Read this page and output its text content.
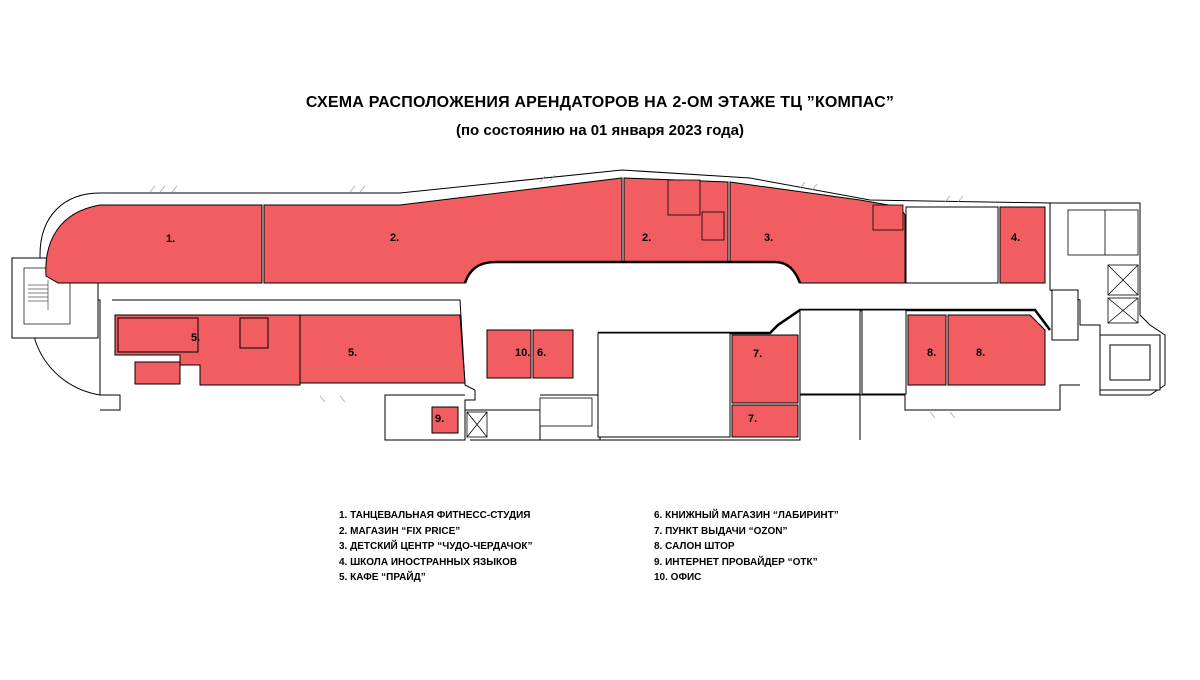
СХЕМА РАСПОЛОЖЕНИЯ АРЕНДАТОРОВ НА 2-ОМ ЭТАЖЕ ТЦ ”КОМПАС”
(по состоянию на 01 января 2023 года)
1.	2.	2.	3.	4.
5.
5.	10. 6.	7.
7.
8.	8.
9.
1. ТАНЦЕВАЛЬНАЯ ФИТНЕСС-СТУДИЯ
2. МАГАЗИН “FIX PRICE”
3. ДЕТСКИЙ ЦЕНТР “ЧУДО-ЧЕРДАЧОК”
4. ШКОЛА ИНОСТРАННЫХ ЯЗЫКОВ
5. КАФЕ “ПРАЙД”
6. КНИЖНЫЙ МАГАЗИН “ЛАБИРИНТ”
7. ПУНКТ ВЫДАЧИ “OZON”
8. САЛОН ШТОР
9. ИНТЕРНЕТ ПРОВАЙДЕР “ОТК”
10. ОФИС
